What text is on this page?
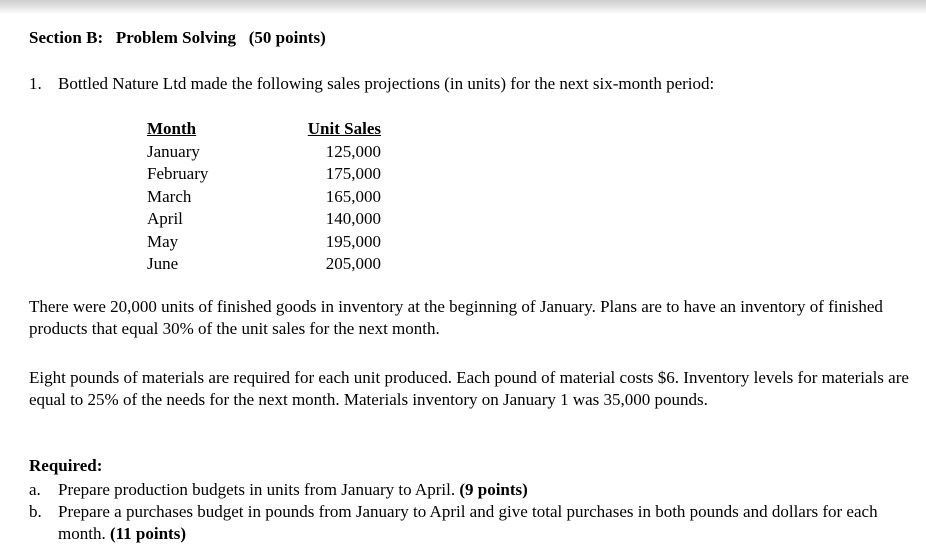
Section B:   Problem Solving   (50 points)
1. Bottled Nature Ltd made the following sales projections (in units) for the next six-month period:
Month	Unit Sales
January	125,000
February	175,000
March	165,000
April	140,000
May	195,000
June	205,000

There were 20,000 units of finished goods in inventory at the beginning of January. Plans are to have an inventory of finished products that equal 30% of the unit sales for the next month.

Eight pounds of materials are required for each unit produced. Each pound of material costs $6. Inventory levels for materials are equal to 25% of the needs for the next month. Materials inventory on January 1 was 35,000 pounds.

Required:
a.	Prepare production budgets in units from January to April. (9 points)
b. Prepare a purchases budget in pounds from January to April and give total purchases in both pounds and dollars for each month. (11 points)
